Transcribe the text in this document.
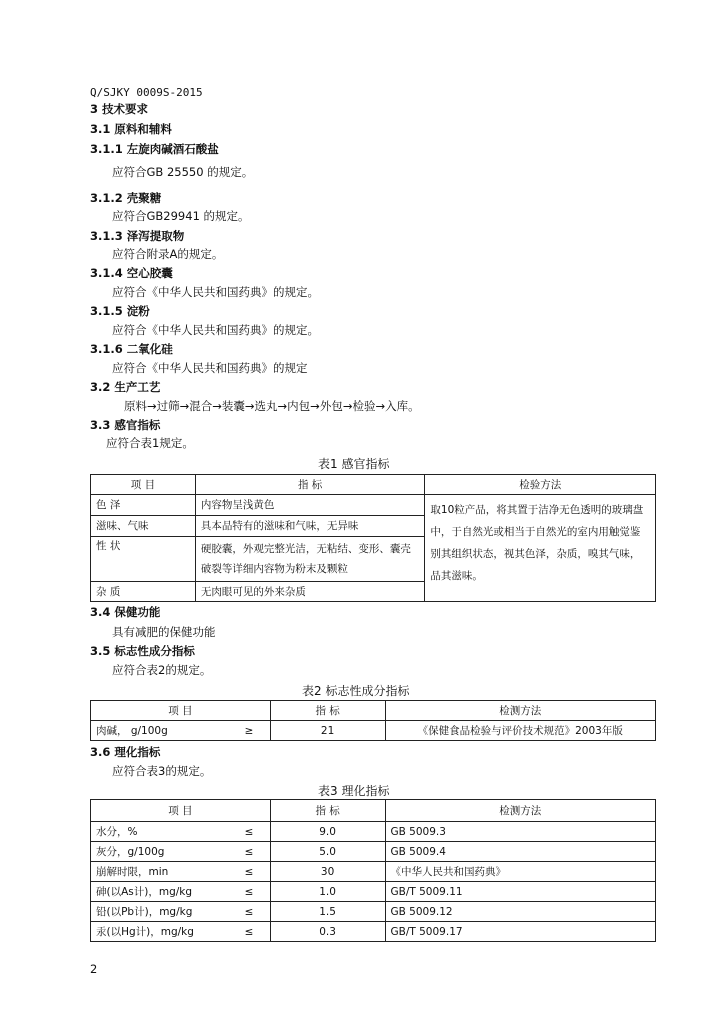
Q/SJKY 0009S-2015
3 技术要求
3.1 原料和辅料
3.1.1 左旋肉碱酒石酸盐
应符合GB 25550 的规定。
3.1.2 壳聚糖
应符合GB29941 的规定。
3.1.3 泽泻提取物
应符合附录A的规定。
3.1.4 空心胶囊
应符合《中华人民共和国药典》的规定。
3.1.5 淀粉
应符合《中华人民共和国药典》的规定。
3.1.6 二氧化硅
应符合《中华人民共和国药典》的规定
3.2 生产工艺
原料→过筛→混合→装囊→选丸→内包→外包→检验→入库。
3.3 感官指标
应符合表1规定。
表1 感官指标
项 目	指 标	检验方法
色 泽	内容物呈浅黄色	取10粒产品，将其置于洁净无色透明的玻璃盘中，于自然光或相当于自然光的室内用触觉鉴别其组织状态，视其色泽，杂质，嗅其气味，品其滋味。
滋味、气味	具本品特有的滋味和气味，无异味	
性 状	硬胶囊，外观完整光洁，无粘结、变形、囊壳破裂等详细内容物为粉末及颗粒	
杂 质	无肉眼可见的外来杂质	
3.4 保健功能
具有减肥的保健功能
3.5 标志性成分指标
应符合表2的规定。
表2 标志性成分指标
项 目		指 标	检测方法
肉碱， g/100g	≥	21	《保健食品检验与评价技术规范》2003年版
3.6 理化指标
应符合表3的规定。
表3 理化指标
项 目		指 标	检测方法
水分，%	≤	9.0	GB 5009.3
灰分，g/100g	≤	5.0	GB 5009.4
崩解时限，min	≤	30	《中华人民共和国药典》
砷(以As计)，mg/kg	≤	1.0	GB/T 5009.11
铅(以Pb计)，mg/kg	≤	1.5	GB 5009.12
汞(以Hg计)，mg/kg	≤	0.3	GB/T 5009.17
2
